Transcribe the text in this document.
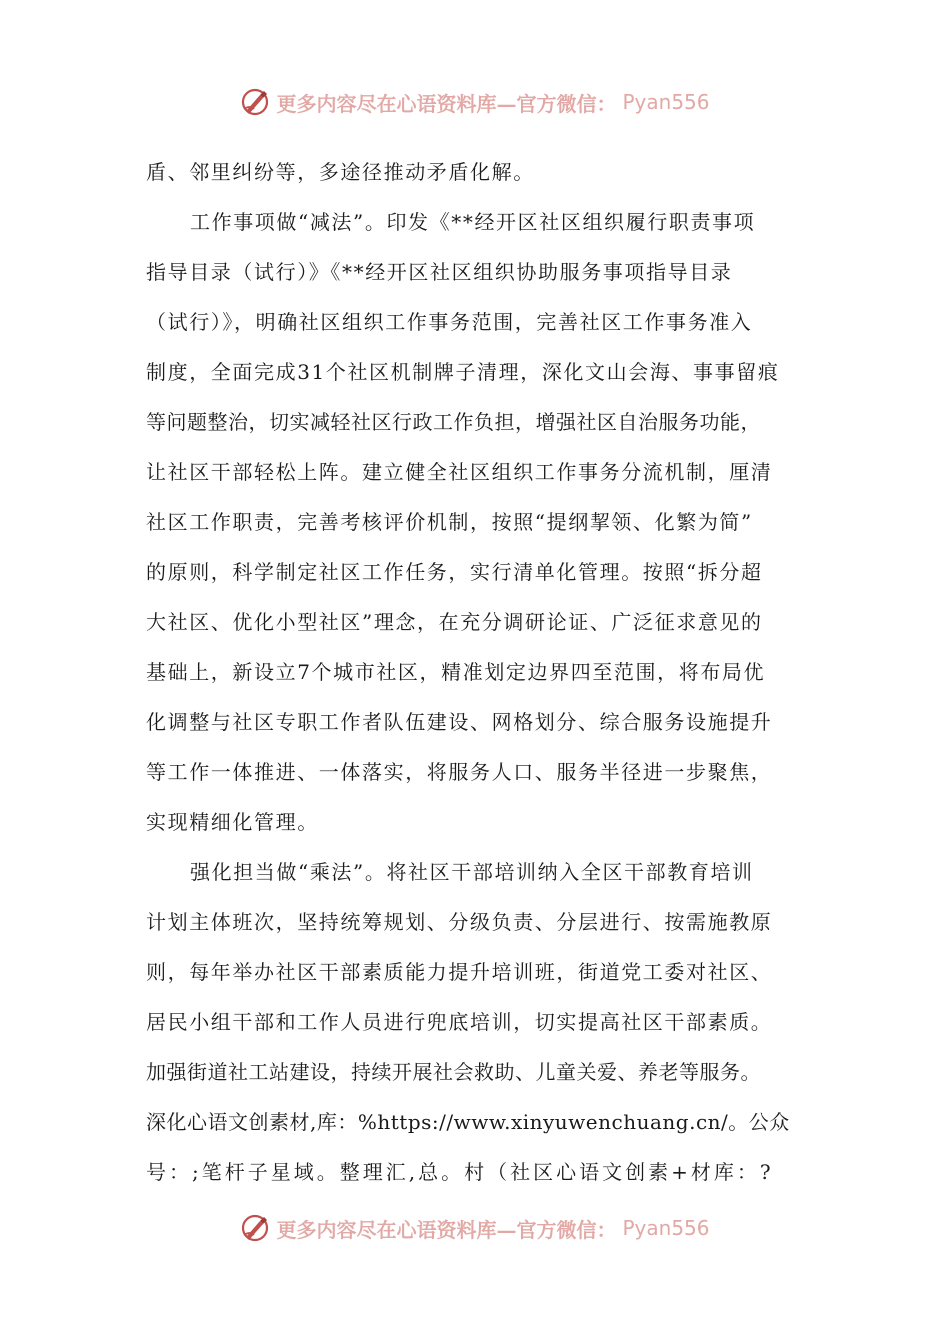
更多内容尽在心语资料库—官方微信： Pyan556
盾、邻里纠纷等，多途径推动矛盾化解。
工作事项做“减法”。印发《**经开区社区组织履行职责事项
指导目录（试行）》《**经开区社区组织协助服务事项指导目录
（试行）》，明确社区组织工作事务范围，完善社区工作事务准入
制度，全面完成31个社区机制牌子清理，深化文山会海、事事留痕
等问题整治，切实减轻社区行政工作负担，增强社区自治服务功能，
让社区干部轻松上阵。建立健全社区组织工作事务分流机制，厘清
社区工作职责，完善考核评价机制，按照“提纲挈领、化繁为简”
的原则，科学制定社区工作任务，实行清单化管理。按照“拆分超
大社区、优化小型社区”理念，在充分调研论证、广泛征求意见的
基础上，新设立7个城市社区，精准划定边界四至范围，将布局优
化调整与社区专职工作者队伍建设、网格划分、综合服务设施提升
等工作一体推进、一体落实，将服务人口、服务半径进一步聚焦，
实现精细化管理。
强化担当做“乘法”。将社区干部培训纳入全区干部教育培训
计划主体班次，坚持统筹规划、分级负责、分层进行、按需施教原
则，每年举办社区干部素质能力提升培训班，街道党工委对社区、
居民小组干部和工作人员进行兜底培训，切实提高社区干部素质。
加强街道社工站建设，持续开展社会救助、儿童关爱、养老等服务。
深化心语文创素材,库：%https://www.xinyuwenchuang.cn/。公众
号：;笔杆子星域。整理汇,总。村（社区心语文创素+材库：?
更多内容尽在心语资料库—官方微信： Pyan556
